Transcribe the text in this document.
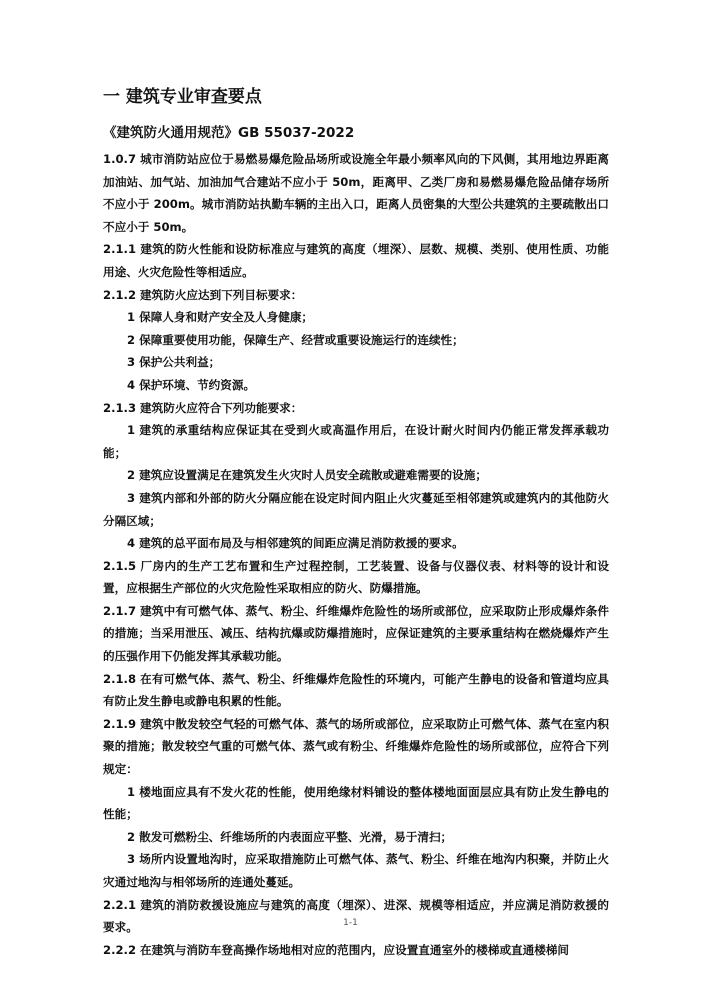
一 建筑专业审查要点
《建筑防火通用规范》GB 55037-2022

1.0.7 城市消防站应位于易燃易爆危险品场所或设施全年最小频率风向的下风侧，其用地边界距离加油站、加气站、加油加气合建站不应小于 50m，距离甲、乙类厂房和易燃易爆危险品储存场所不应小于 200m。城市消防站执勤车辆的主出入口，距离人员密集的大型公共建筑的主要疏散出口不应小于 50m。

2.1.1 建筑的防火性能和设防标准应与建筑的高度（埋深）、层数、规模、类别、使用性质、功能用途、火灾危险性等相适应。

2.1.2 建筑防火应达到下列目标要求：

1 保障人身和财产安全及人身健康；

2 保障重要使用功能，保障生产、经营或重要设施运行的连续性；

3 保护公共利益；

4 保护环境、节约资源。

2.1.3 建筑防火应符合下列功能要求：

1 建筑的承重结构应保证其在受到火或高温作用后，在设计耐火时间内仍能正常发挥承载功能；

2 建筑应设置满足在建筑发生火灾时人员安全疏散或避难需要的设施；

3 建筑内部和外部的防火分隔应能在设定时间内阻止火灾蔓延至相邻建筑或建筑内的其他防火分隔区域；

4 建筑的总平面布局及与相邻建筑的间距应满足消防救援的要求。

2.1.5 厂房内的生产工艺布置和生产过程控制，工艺装置、设备与仪器仪表、材料等的设计和设置，应根据生产部位的火灾危险性采取相应的防火、防爆措施。

2.1.7 建筑中有可燃气体、蒸气、粉尘、纤维爆炸危险性的场所或部位，应采取防止形成爆炸条件的措施；当采用泄压、减压、结构抗爆或防爆措施时，应保证建筑的主要承重结构在燃烧爆炸产生的压强作用下仍能发挥其承载功能。

2.1.8 在有可燃气体、蒸气、粉尘、纤维爆炸危险性的环境内，可能产生静电的设备和管道均应具有防止发生静电或静电积累的性能。

2.1.9 建筑中散发较空气轻的可燃气体、蒸气的场所或部位，应采取防止可燃气体、蒸气在室内积聚的措施；散发较空气重的可燃气体、蒸气或有粉尘、纤维爆炸危险性的场所或部位，应符合下列规定：

1 楼地面应具有不发火花的性能，使用绝缘材料铺设的整体楼地面面层应具有防止发生静电的性能；

2 散发可燃粉尘、纤维场所的内表面应平整、光滑，易于清扫；

3 场所内设置地沟时，应采取措施防止可燃气体、蒸气、粉尘、纤维在地沟内积聚，并防止火灾通过地沟与相邻场所的连通处蔓延。

2.2.1 建筑的消防救援设施应与建筑的高度（埋深）、进深、规模等相适应，并应满足消防救援的要求。

2.2.2 在建筑与消防车登高操作场地相对应的范围内，应设置直通室外的楼梯或直通楼梯间

1-1
